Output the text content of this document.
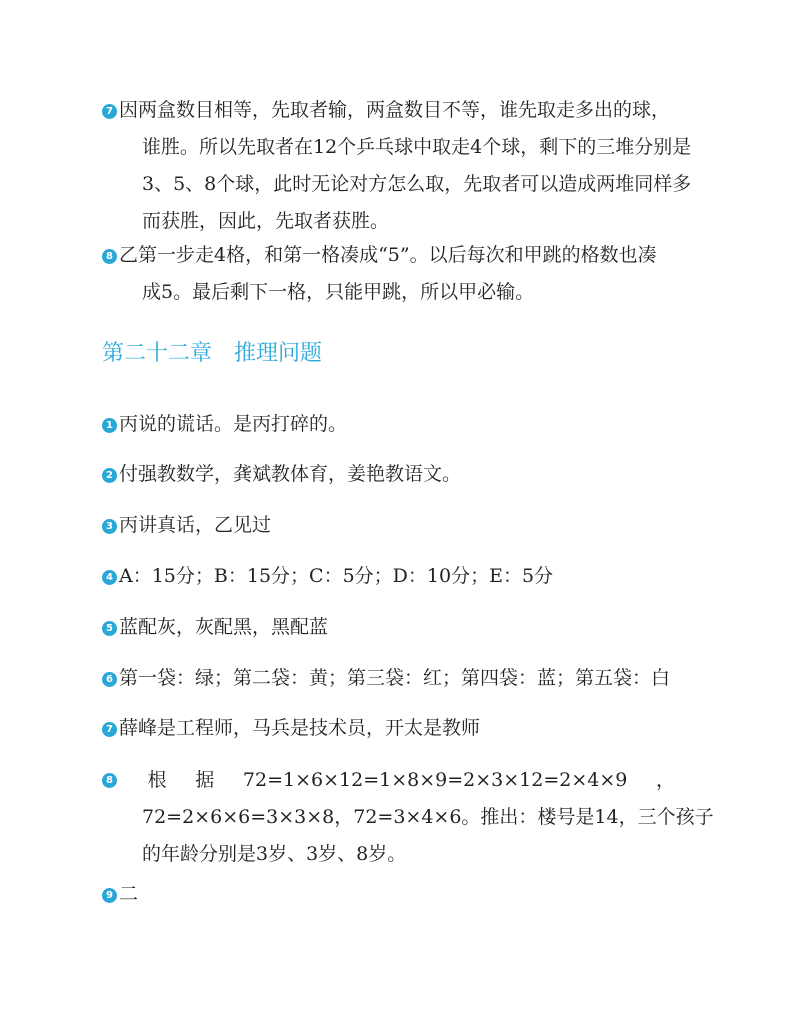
7 因两盒数目相等，先取者输，两盒数目不等，谁先取走多出的球，
谁胜。所以先取者在12个乒乓球中取走4个球，剩下的三堆分别是
3、5、8个球，此时无论对方怎么取，先取者可以造成两堆同样多
而获胜，因此，先取者获胜。
8 乙第一步走4格，和第一格凑成“5”。以后每次和甲跳的格数也凑
成5。最后剩下一格，只能甲跳，所以甲必输。
第二十二章　推理问题
1 丙说的谎话。是丙打碎的。
2 付强教数学，龚斌教体育，姜艳教语文。
3 丙讲真话，乙见过
4 A：15分；B：15分；C：5分；D：10分；E：5分
5 蓝配灰，灰配黑，黑配蓝
6 第一袋：绿；第二袋：黄；第三袋：红；第四袋：蓝；第五袋：白
7 薛峰是工程师，马兵是技术员，开太是教师
8 根 据 72=1×6×12=1×8×9=2×3×12=2×4×9 ，
72=2×6×6=3×3×8，72=3×4×6。推出：楼号是14，三个孩子
的年龄分别是3岁、3岁、8岁。
9 二
